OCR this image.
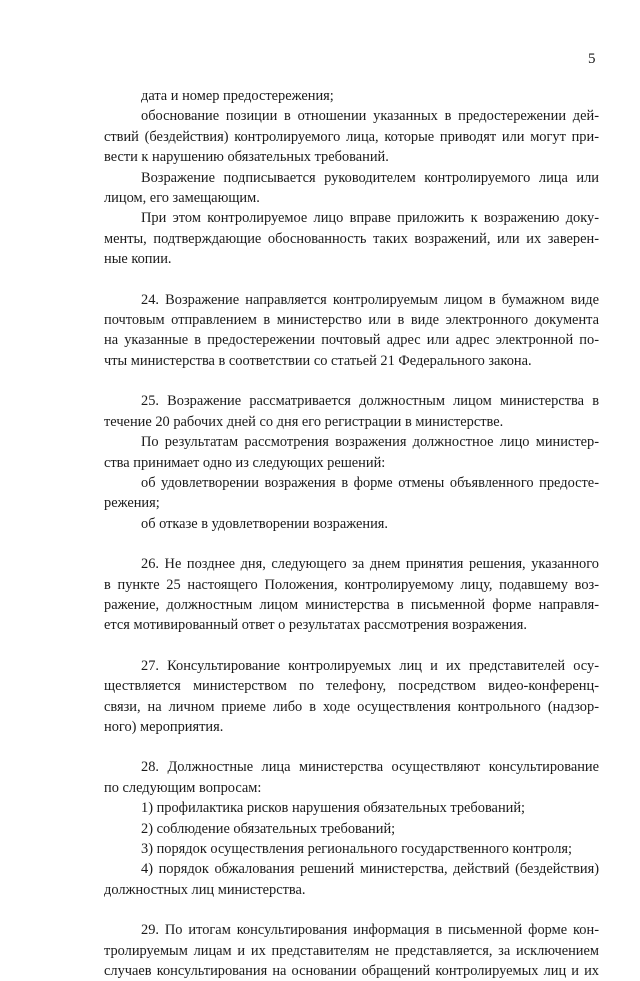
5
дата и номер предостережения;
обоснование позиции в отношении указанных в предостережении дей-
ствий (бездействия) контролируемого лица, которые приводят или могут при-
вести к нарушению обязательных требований.
Возражение подписывается руководителем контролируемого лица или
лицом, его замещающим.
При этом контролируемое лицо вправе приложить к возражению доку-
менты, подтверждающие обоснованность таких возражений, или их заверен-
ные копии.
24. Возражение направляется контролируемым лицом в бумажном виде
почтовым отправлением в министерство или в виде электронного документа
на указанные в предостережении почтовый адрес или адрес электронной по-
чты министерства в соответствии со статьей 21 Федерального закона.
25. Возражение рассматривается должностным лицом министерства в
течение 20 рабочих дней со дня его регистрации в министерстве.
По результатам рассмотрения возражения должностное лицо министер-
ства принимает одно из следующих решений:
об удовлетворении возражения в форме отмены объявленного предосте-
режения;
об отказе в удовлетворении возражения.
26. Не позднее дня, следующего за днем принятия решения, указанного
в пункте 25 настоящего Положения, контролируемому лицу, подавшему воз-
ражение, должностным лицом министерства в письменной форме направля-
ется мотивированный ответ о результатах рассмотрения возражения.
27. Консультирование контролируемых лиц и их представителей осу-
ществляется министерством по телефону, посредством видео-конференц-
связи, на личном приеме либо в ходе осуществления контрольного (надзор-
ного) мероприятия.
28. Должностные лица министерства осуществляют консультирование
по следующим вопросам:
1) профилактика рисков нарушения обязательных требований;
2) соблюдение обязательных требований;
3) порядок осуществления регионального государственного контроля;
4) порядок обжалования решений министерства, действий (бездействия)
должностных лиц министерства.
29. По итогам консультирования информация в письменной форме кон-
тролируемым лицам и их представителям не представляется, за исключением
случаев консультирования на основании обращений контролируемых лиц и их
